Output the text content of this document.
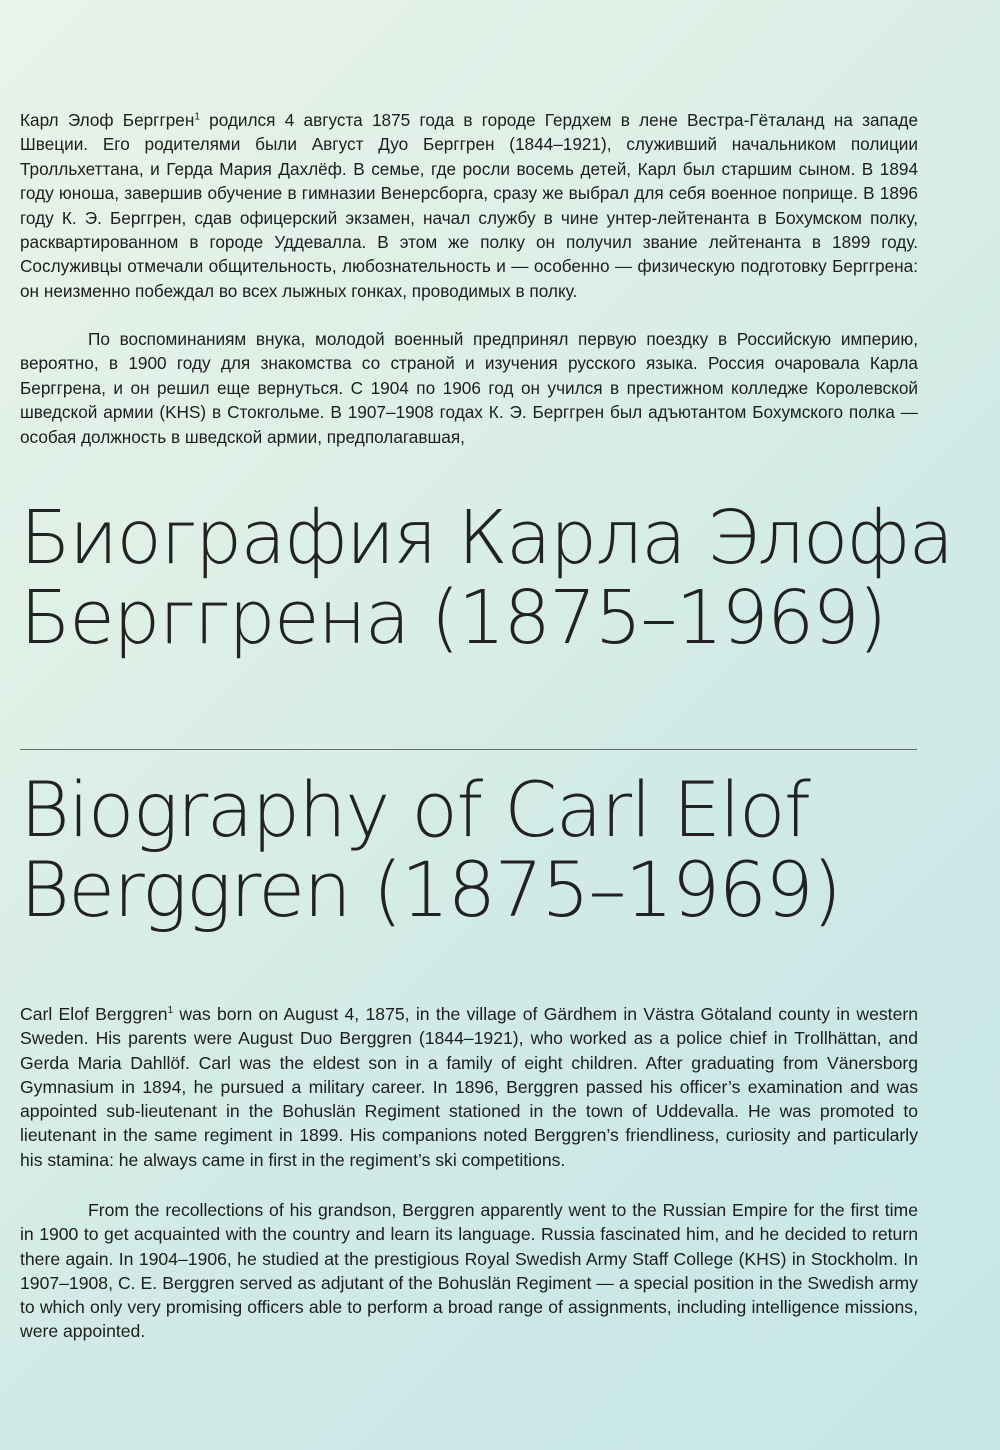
Карл Элоф Берггрен$^1$ родился 4 августа 1875 года в городе Гердхем в лене Вестра-Гёталанд на западе Швеции. Его родителями были Август Дуо Берггрен (1844–1921), служивший начальником полиции Тролльхеттана, и Герда Мария Дахлёф. В семье, где росли восемь детей, Карл был старшим сыном. В 1894 году юноша, завершив обучение в гимназии Венерсборга, сразу же выбрал для себя военное поприще. В 1896 году К. Э. Берггрен, сдав офицерский экзамен, начал службу в чине унтер-лейтенанта в Бохумском полку, расквартированном в городе Уддевалла. В этом же полку он получил звание лейтенанта в 1899 году. Сослуживцы отмечали общительность, любознательность и — особенно — физическую подготовку Берггрена: он неизменно побеждал во всех лыжных гонках, проводимых в полку.

По воспоминаниям внука, молодой военный предпринял первую поездку в Российскую империю, вероятно, в 1900 году для знакомства со страной и изучения русского языка. Россия очаровала Карла Берггрена, и он решил еще вернуться. С 1904 по 1906 год он учился в престижном колледже Королевской шведской армии (KHS) в Стокгольме. В 1907–1908 годах К. Э. Берггрен был адъютантом Бохумского полка — особая должность в шведской армии, предполагавшая,

Биография Карла Элофа Берггрена (1875–1969)
Biography of Carl Elof Berggren (1875–1969)

Carl Elof Berggren$^1$ was born on August 4, 1875, in the village of Gärdhem in Västra Götaland county in western Sweden. His parents were August Duo Berggren (1844–1921), who worked as a police chief in Trollhättan, and Gerda Maria Dahllöf. Carl was the eldest son in a family of eight children. After graduating from Vänersborg Gymnasium in 1894, he pursued a military career. In 1896, Berggren passed his officer’s examination and was appointed sub-lieutenant in the Bohuslän Regiment stationed in the town of Uddevalla. He was promoted to lieutenant in the same regiment in 1899. His companions noted Berggren’s friendliness, curiosity and particularly his stamina: he always came in first in the regiment’s ski competitions.

From the recollections of his grandson, Berggren apparently went to the Russian Empire for the first time in 1900 to get acquainted with the country and learn its language. Russia fascinated him, and he decided to return there again. In 1904–1906, he studied at the prestigious Royal Swedish Army Staff College (KHS) in Stockholm. In 1907–1908, C. E. Berggren served as adjutant of the Bohuslän Regiment — a special position in the Swedish army to which only very promising officers able to perform a broad range of assignments, including intelligence missions, were appointed.
